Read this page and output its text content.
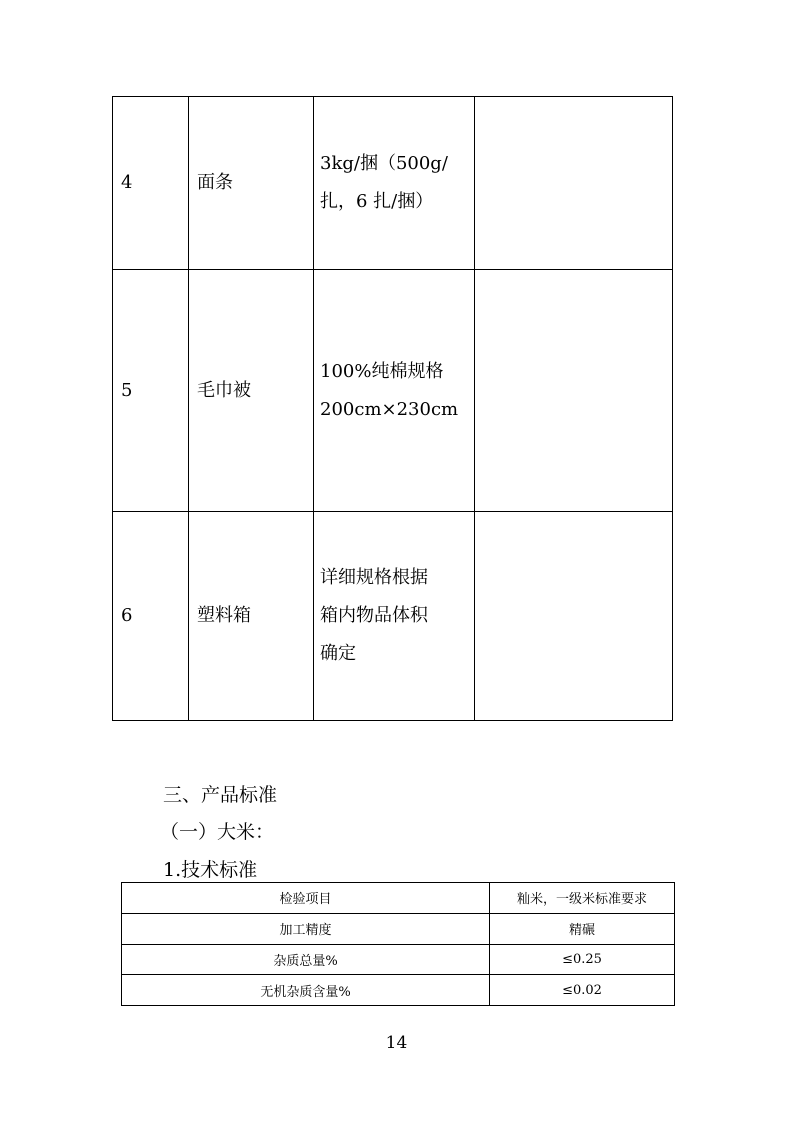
4	面条	3kg/捆（500g/
扎，6 扎/捆）	

5	毛巾被	100%纯棉规格
200cm×230cm	

6	塑料箱	详细规格根据
箱内物品体积
确定	

三、产品标准
（一）大米：
1.技术标准
检验项目	籼米，一级米标准要求
加工精度	精碾
杂质总量%	≤0.25
无机杂质含量%	≤0.02
14
